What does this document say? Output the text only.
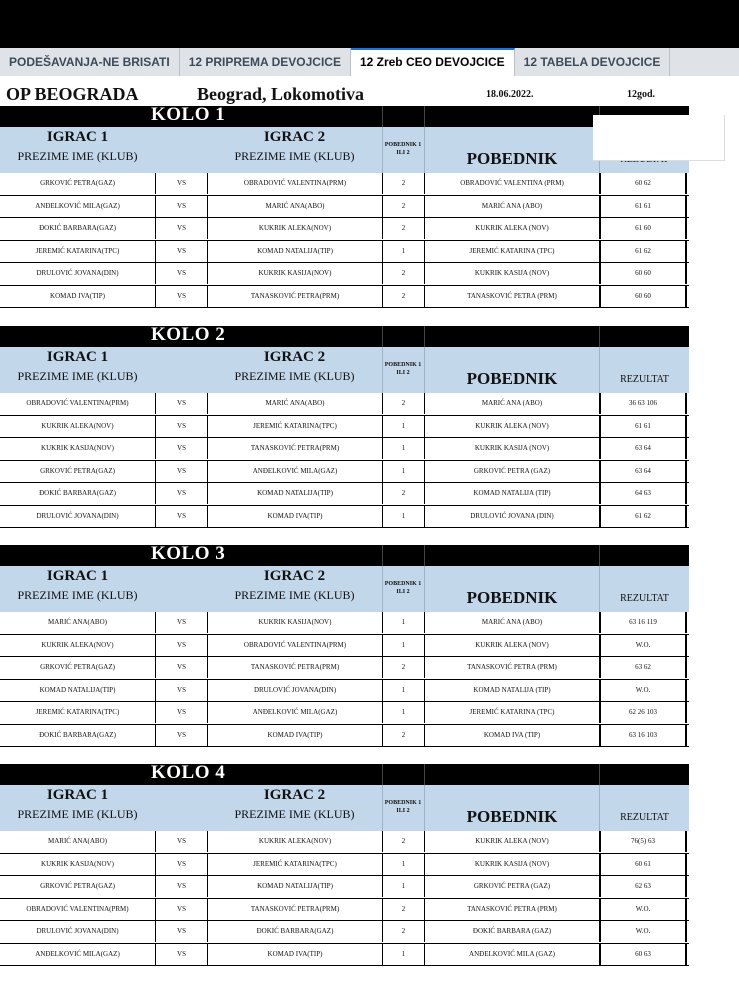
PODEŠAVANJA-NE BRISATI	12 PRIPREMA DEVOJCICE	12 Zreb CEO DEVOJCICE	12 TABELA DEVOJCICE
OP BEOGRADA	Beograd, Lokomotiva	18.06.2022.	12god.
KOLO 1
IGRAC 1
PREZIME IME (KLUB)
IGRAC 2
PREZIME IME (KLUB)
POBEDNIK 1 ILI 2	POBEDNIK
GRKOVIĆ PETRA(GAZ)	VS	OBRADOVIĆ VALENTINA(PRM)	2	OBRADOVIĆ VALENTINA (PRM)	60 62
ANĐELKOVIĆ MILA(GAZ)	VS	MARIĆ ANA(ABO)	2	MARIĆ ANA (ABO)	61 61
ĐOKIĆ BARBARA(GAZ)	VS	KUKRIK ALEKA(NOV)	2	KUKRIK ALEKA (NOV)	61 60
JEREMIĆ KATARINA(TPC)	VS	KOMAD NATALIJA(TIP)	1	JEREMIĆ KATARINA (TPC)	61 62
DRULOVIĆ JOVANA(DIN)	VS	KUKRIK KASIJA(NOV)	2	KUKRIK KASIJA (NOV)	60 60
KOMAD IVA(TIP)	VS	TANASKOVIĆ PETRA(PRM)	2	TANASKOVIĆ PETRA (PRM)	60 60
KOLO 2
IGRAC 1
PREZIME IME (KLUB)
IGRAC 2
PREZIME IME (KLUB)
POBEDNIK 1 ILI 2	POBEDNIK	REZULTAT
OBRADOVIĆ VALENTINA(PRM)	VS	MARIĆ ANA(ABO)	2	MARIĆ ANA (ABO)	36 63 106
KUKRIK ALEKA(NOV)	VS	JEREMIĆ KATARINA(TPC)	1	KUKRIK ALEKA (NOV)	61 61
KUKRIK KASIJA(NOV)	VS	TANASKOVIĆ PETRA(PRM)	1	KUKRIK KASIJA (NOV)	63 64
GRKOVIĆ PETRA(GAZ)	VS	ANĐELKOVIĆ MILA(GAZ)	1	GRKOVIĆ PETRA (GAZ)	63 64
ĐOKIĆ BARBARA(GAZ)	VS	KOMAD NATALIJA(TIP)	2	KOMAD NATALIJA (TIP)	64 63
DRULOVIĆ JOVANA(DIN)	VS	KOMAD IVA(TIP)	1	DRULOVIĆ JOVANA (DIN)	61 62
KOLO 3
IGRAC 1
PREZIME IME (KLUB)
IGRAC 2
PREZIME IME (KLUB)
POBEDNIK 1 ILI 2	POBEDNIK	REZULTAT
MARIĆ ANA(ABO)	VS	KUKRIK KASIJA(NOV)	1	MARIĆ ANA (ABO)	63 16 119
KUKRIK ALEKA(NOV)	VS	OBRADOVIĆ VALENTINA(PRM)	1	KUKRIK ALEKA (NOV)	W.O.
GRKOVIĆ PETRA(GAZ)	VS	TANASKOVIĆ PETRA(PRM)	2	TANASKOVIĆ PETRA (PRM)	63 62
KOMAD NATALIJA(TIP)	VS	DRULOVIĆ JOVANA(DIN)	1	KOMAD NATALIJA (TIP)	W.O.
JEREMIĆ KATARINA(TPC)	VS	ANĐELKOVIĆ MILA(GAZ)	1	JEREMIĆ KATARINA (TPC)	62 26 103
ĐOKIĆ BARBARA(GAZ)	VS	KOMAD IVA(TIP)	2	KOMAD IVA (TIP)	63 16 103
KOLO 4
IGRAC 1
PREZIME IME (KLUB)
IGRAC 2
PREZIME IME (KLUB)
POBEDNIK 1 ILI 2	POBEDNIK	REZULTAT
MARIĆ ANA(ABO)	VS	KUKRIK ALEKA(NOV)	2	KUKRIK ALEKA (NOV)	76(5) 63
KUKRIK KASIJA(NOV)	VS	JEREMIĆ KATARINA(TPC)	1	KUKRIK KASIJA (NOV)	60 61
GRKOVIĆ PETRA(GAZ)	VS	KOMAD NATALIJA(TIP)	1	GRKOVIĆ PETRA (GAZ)	62 63
OBRADOVIĆ VALENTINA(PRM)	VS	TANASKOVIĆ PETRA(PRM)	2	TANASKOVIĆ PETRA (PRM)	W.O.
DRULOVIĆ JOVANA(DIN)	VS	ĐOKIĆ BARBARA(GAZ)	2	ĐOKIĆ BARBARA (GAZ)	W.O.
ANĐELKOVIĆ MILA(GAZ)	VS	KOMAD IVA(TIP)	1	ANĐELKOVIĆ MILA (GAZ)	60 63
